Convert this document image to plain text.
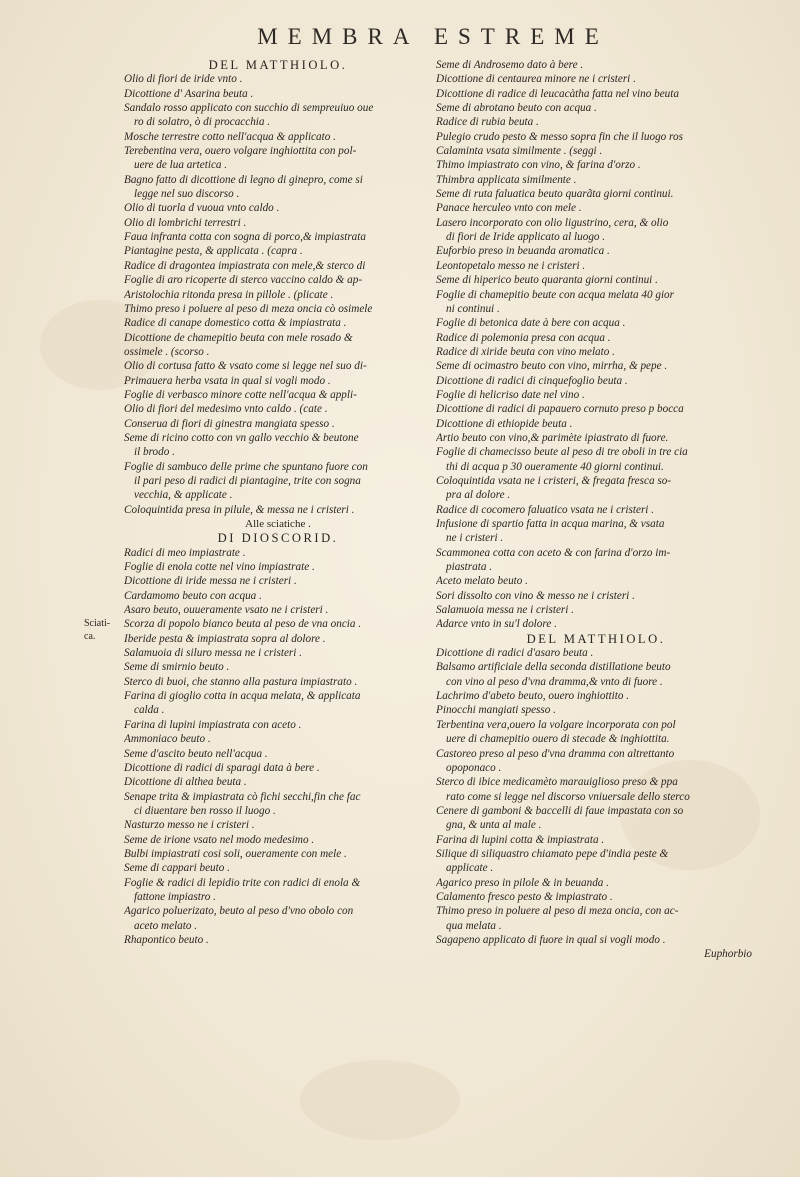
MEMBRA ESTREME
Sciati-
ca.
DEL MATTHIOLO.
Olio di fiori de iride vnto .
Dicottione d' Asarina beuta .
Sandalo rosso applicato con succhio di sempreuiuo oue
ro di solatro, ò di procacchia .
Mosche terrestre cotto nell'acqua & applicato .
Terebentina vera, ouero volgare inghiottita con pol-
uere de lua artetica .
Bagno fatto di dicottione di legno di ginepro, come si
legge nel suo discorso .
Olio di tuorla d vuoua vnto caldo .
Olio di lombrichi terrestri .
Faua infranta cotta con sogna di porco,& impiastrata
Piantagine pesta, & applicata . (capra .
Radice di dragontea impiastrata con mele,& sterco di
Foglie di aro ricoperte di sterco vaccino caldo & ap-
Aristolochia ritonda presa in pillole . (plicate .
Thimo preso i poluere al peso di meza oncia cò osimele
Radice di canape domestico cotta & impiastrata .
Dicottione de chamepitio beuta con mele rosado &
ossimele . (scorso .
Olio di cortusa fatto & vsato come si legge nel suo di-
Primauera herba vsata in qual si vogli modo .
Foglie di verbasco minore cotte nell'acqua & appli-
Olio di fiori del medesimo vnto caldo . (cate .
Conserua di fiori di ginestra mangiata spesso .
Seme di ricino cotto con vn gallo vecchio & beutone
il brodo .
Foglie di sambuco delle prime che spuntano fuore con
il pari peso di radici di piantagine, trite con sogna
vecchia, & applicate .
Coloquintida presa in pilule, & messa ne i cristeri .
Alle sciatiche .
DI DIOSCORID.
Radici di meo impiastrate .
Foglie di enola cotte nel vino impiastrate .
Dicottione di iride messa ne i cristeri .
Cardamomo beuto con acqua .
Asaro beuto, ouueramente vsato ne i cristeri .
Scorza di popolo bianco beuta al peso de vna oncia .
Iberide pesta & impiastrata sopra al dolore .
Salamuoia di siluro messa ne i cristeri .
Seme di smirnio beuto .
Sterco di buoi, che stanno alla pastura impiastrato .
Farina di gioglio cotta in acqua melata, & applicata
calda .
Farina di lupini impiastrata con aceto .
Ammoniaco beuto .
Seme d'ascito beuto nell'acqua .
Dicottione di radici di sparagi data à bere .
Dicottione di althea beuta .
Senape trita & impiastrata cò fichi secchi,fin che fac
ci diuentare ben rosso il luogo .
Nasturzo messo ne i cristeri .
Seme de irione vsato nel modo medesimo .
Bulbi impiastrati cosi soli, oueramente con mele .
Seme di cappari beuto .
Foglie & radici di lepidio trite con radici di enola &
fattone impiastro .
Agarico poluerizato, beuto al peso d'vno obolo con
aceto melato .
Rhapontico beuto .
Seme di Androsemo dato à bere .
Dicottione di centaurea minore ne i cristeri .
Dicottione di radice di leucacàtha fatta nel vino beuta
Seme di abrotano beuto con acqua .
Radice di rubia beuta .
Pulegio crudo pesto & messo sopra fin che il luogo ros
Calaminta vsata similmente . (seggi .
Thimo impiastrato con vino, & farina d'orzo .
Thimbra applicata similmente .
Seme di ruta faluatica beuto quarãta giorni continui.
Panace herculeo vnto con mele .
Lasero incorporato con olio ligustrino, cera, & olio
di fiori de Iride applicato al luogo .
Euforbio preso in beuanda aromatica .
Leontopetalo messo ne i cristeri .
Seme di hiperico beuto quaranta giorni continui .
Foglie di chamepitio beute con acqua melata 40 gior
ni continui .
Foglie di betonica date à bere con acqua .
Radice di polemonia presa con acqua .
Radice di xiride beuta con vino melato .
Seme di ocimastro beuto con vino, mirrha, & pepe .
Dicottione di radici di cinquefoglio beuta .
Foglie di helicriso date nel vino .
Dicottione di radici di papauero cornuto preso p bocca
Dicottione di ethiopide beuta .
Artio beuto con vino,& parimète ipiastrato di fuore.
Foglie di chamecisso beute al peso di tre oboli in tre cia
thi di acqua p 30 oueramente 40 giorni continui.
Coloquintida vsata ne i cristeri, & fregata fresca so-
pra al dolore .
Radice di cocomero faluatico vsata ne i cristeri .
Infusione di spartio fatta in acqua marina, & vsata
ne i cristeri .
Scammonea cotta con aceto & con farina d'orzo im-
piastrata .
Aceto melato beuto .
Sori dissolto con vino & messo ne i cristeri .
Salamuoia messa ne i cristeri .
Adarce vnto in su'l dolore .
DEL MATTHIOLO.
Dicottione di radici d'asaro beuta .
Balsamo artificiale della seconda distillatione beuto
con vino al peso d'vna dramma,& vnto di fuore .
Lachrimo d'abeto beuto, ouero inghiottito .
Pinocchi mangiati spesso .
Terbentina vera,ouero la volgare incorporata con pol
uere di chamepitio ouero di stecade & inghiottita.
Castoreo preso al peso d'vna dramma con altrettanto
opoponaco .
Sterco di ibice medicamèto marauiglioso preso & ppa
rato come si legge nel discorso vniuersale dello sterco
Cenere di gamboni & baccelli di faue impastata con so
gna, & unta al male .
Farina di lupini cotta & impiastrata .
Silique di siliquastro chiamato pepe d'india peste &
applicate .
Agarico preso in pilole & in beuanda .
Calamento fresco pesto & impiastrato .
Thimo preso in poluere al peso di meza oncia, con ac-
qua melata .
Sagapeno applicato di fuore in qual si vogli modo .
Euphorbio
